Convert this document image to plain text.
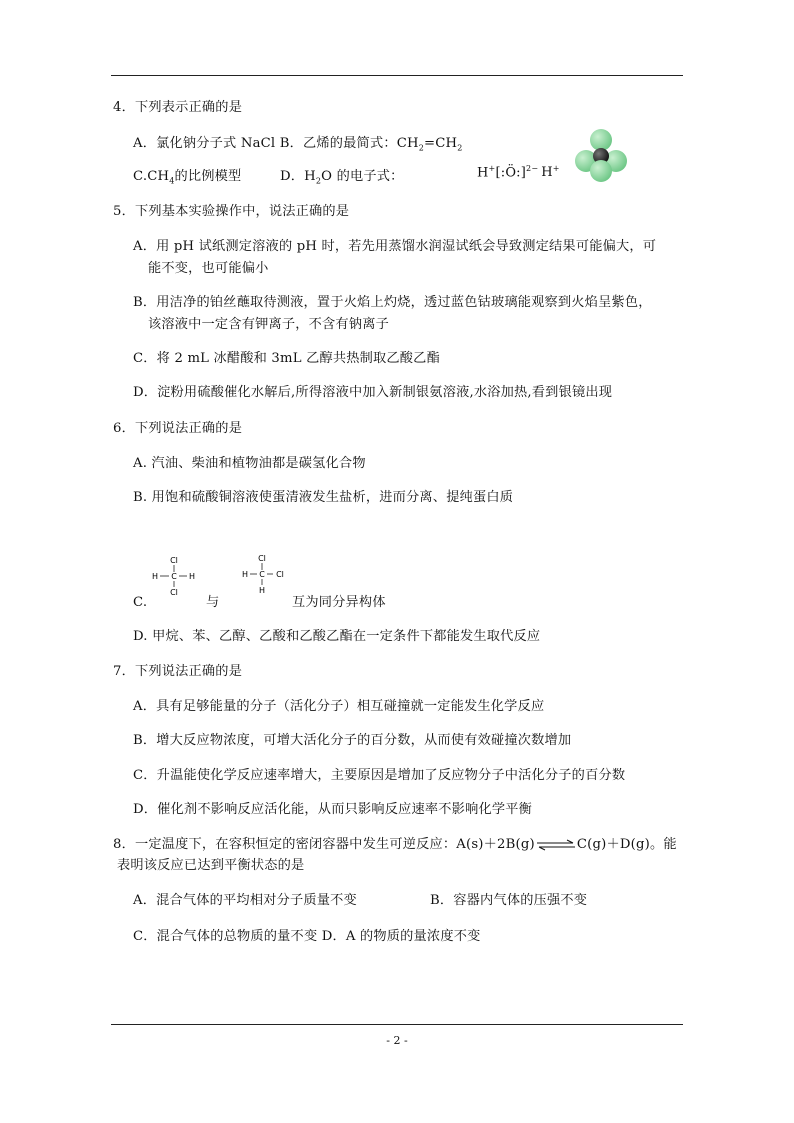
4．下列表示正确的是
A．氯化钠分子式 NaCl B．乙烯的最简式：$CH_2=CH_2$
$C.CH_4$的比例模型	D．$H_2O$ 的电子式：	H+[:Ö:]$^{2-}$ H+
5．下列基本实验操作中，说法正确的是
A．用 pH 试纸测定溶液的 pH 时，若先用蒸馏水润湿试纸会导致测定结果可能偏大，可
能不变，也可能偏小
B．用洁净的铂丝蘸取待测液，置于火焰上灼烧，透过蓝色钴玻璃能观察到火焰呈紫色，
该溶液中一定含有钾离子，不含有钠离子
C．将 2 mL 冰醋酸和 3mL 乙醇共热制取乙酸乙酯
D．淀粉用硫酸催化水解后,所得溶液中加入新制银氨溶液,水浴加热,看到银镜出现
6．下列说法正确的是
A. 汽油、柴油和植物油都是碳氢化合物
B. 用饱和硫酸铜溶液使蛋清液发生盐析，进而分离、提纯蛋白质
Cl
H C H
Cl
Cl
H C Cl
H
C.	与	互为同分异构体
D. 甲烷、苯、乙醇、乙酸和乙酸乙酯在一定条件下都能发生取代反应
7．下列说法正确的是
A．具有足够能量的分子（活化分子）相互碰撞就一定能发生化学反应
B．增大反应物浓度，可增大活化分子的百分数，从而使有效碰撞次数增加
C．升温能使化学反应速率增大，主要原因是增加了反应物分子中活化分子的百分数
D．催化剂不影响反应活化能，从而只影响反应速率不影响化学平衡
8．一定温度下，在容积恒定的密闭容器中发生可逆反应：A(s)＋2B(g)⇌C(g)＋D(g)。能
表明该反应已达到平衡状态的是
A．混合气体的平均相对分子质量不变	B．容器内气体的压强不变
C．混合气体的总物质的量不变 D．A 的物质的量浓度不变
- 2 -
